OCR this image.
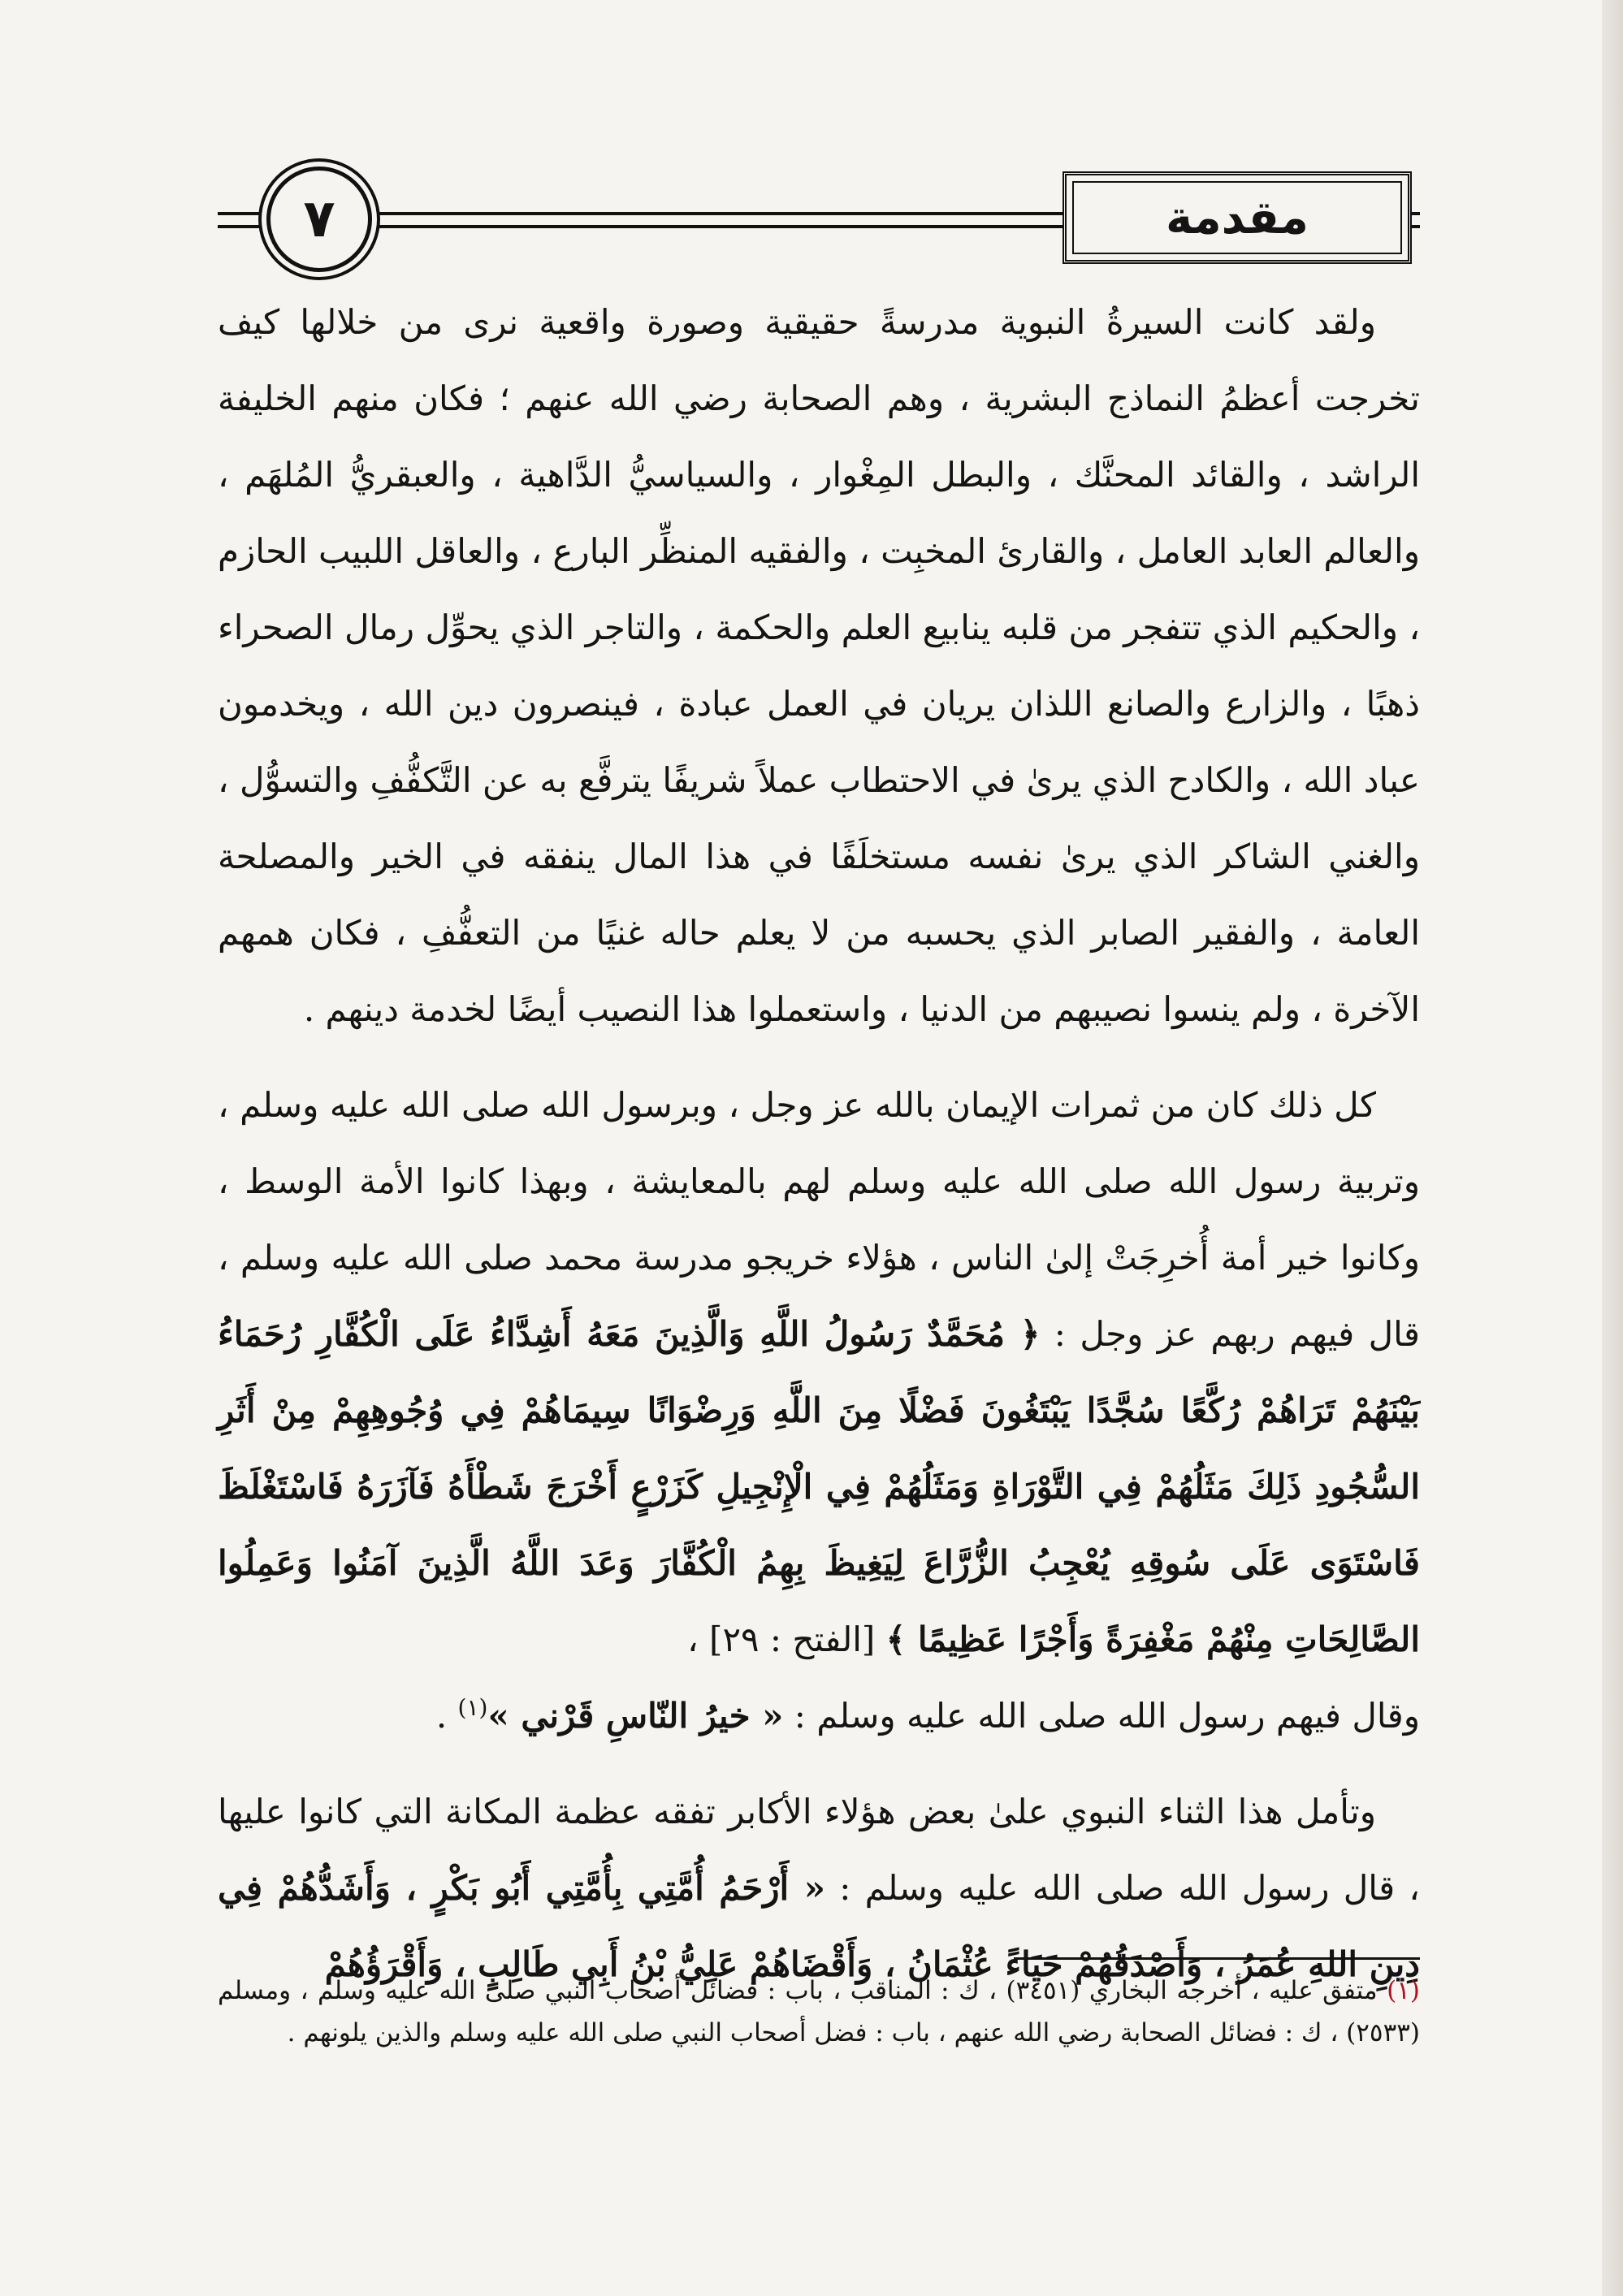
٧	مقدمة

ولقد كانت السيرةُ النبوية مدرسةً حقيقية وصورة واقعية نرى من خلالها كيف تخرجت أعظمُ النماذج البشرية ، وهم الصحابة رضي الله عنهم ؛ فكان منهم الخليفة الراشد ، والقائد المحنَّك ، والبطل المِغْوار ، والسياسيُّ الدَّاهية ، والعبقريُّ المُلهَم ، والعالم العابد العامل ، والقارئ المخبِت ، والفقيه المنظِّر البارع ، والعاقل اللبيب الحازم ، والحكيم الذي تتفجر من قلبه ينابيع العلم والحكمة ، والتاجر الذي يحوِّل رمال الصحراء ذهبًا ، والزارع والصانع اللذان يريان في العمل عبادة ، فينصرون دين الله ، ويخدمون عباد الله ، والكادح الذي يرىٰ في الاحتطاب عملاً شريفًا يترفَّع به عن التَّكفُّفِ والتسوُّل ، والغني الشاكر الذي يرىٰ نفسه مستخلَفًا في هذا المال ينفقه في الخير والمصلحة العامة ، والفقير الصابر الذي يحسبه من لا يعلم حاله غنيًا من التعفُّفِ ، فكان همهم الآخرة ، ولم ينسوا نصيبهم من الدنيا ، واستعملوا هذا النصيب أيضًا لخدمة دينهم .

كل ذلك كان من ثمرات الإيمان بالله عز وجل ، وبرسول الله صلى الله عليه وسلم ، وتربية رسول الله صلى الله عليه وسلم لهم بالمعايشة ، وبهذا كانوا الأمة الوسط ، وكانوا خير أمة أُخرِجَتْ إلىٰ الناس ، هؤلاء خريجو مدرسة محمد صلى الله عليه وسلم ، قال فيهم ربهم عز وجل : ﴿ مُحَمَّدٌ رَسُولُ اللَّهِ وَالَّذِينَ مَعَهُ أَشِدَّاءُ عَلَى الْكُفَّارِ رُحَمَاءُ بَيْنَهُمْ تَرَاهُمْ رُكَّعًا سُجَّدًا يَبْتَغُونَ فَضْلًا مِنَ اللَّهِ وَرِضْوَانًا سِيمَاهُمْ فِي وُجُوهِهِمْ مِنْ أَثَرِ السُّجُودِ ذَلِكَ مَثَلُهُمْ فِي التَّوْرَاةِ وَمَثَلُهُمْ فِي الْإِنْجِيلِ كَزَرْعٍ أَخْرَجَ شَطْأَهُ فَآزَرَهُ فَاسْتَغْلَظَ فَاسْتَوَى عَلَى سُوقِهِ يُعْجِبُ الزُّرَّاعَ لِيَغِيظَ بِهِمُ الْكُفَّارَ وَعَدَ اللَّهُ الَّذِينَ آمَنُوا وَعَمِلُوا الصَّالِحَاتِ مِنْهُمْ مَغْفِرَةً وَأَجْرًا عَظِيمًا ﴾ [الفتح : ٢٩] ،

وقال فيهم رسول الله صلى الله عليه وسلم : « خيرُ النّاسِ قَرْني »$^{(١)}$ .

وتأمل هذا الثناء النبوي علىٰ بعض هؤلاء الأكابر تفقه عظمة المكانة التي كانوا عليها ، قال رسول الله صلى الله عليه وسلم : « أَرْحَمُ أُمَّتِي بِأُمَّتِي أَبُو بَكْرٍ ، وَأَشَدُّهُمْ فِي دِينِ اللهِ عُمَرُ ، وَأَصْدَقُهُمْ حَيَاءً عُثْمَانُ ، وَأَقْضَاهُمْ عَلِيُّ بْنُ أَبِي طَالِبٍ ، وَأَقْرَؤُهُمْ

(١) متفق عليه ، أخرجه البخاري (٣٤٥١) ، ك : المناقب ، باب : فضائل أصحاب النبي صلى الله عليه وسلم ، ومسلم (٢٥٣٣) ، ك : فضائل الصحابة رضي الله عنهم ، باب : فضل أصحاب النبي صلى الله عليه وسلم والذين يلونهم .
